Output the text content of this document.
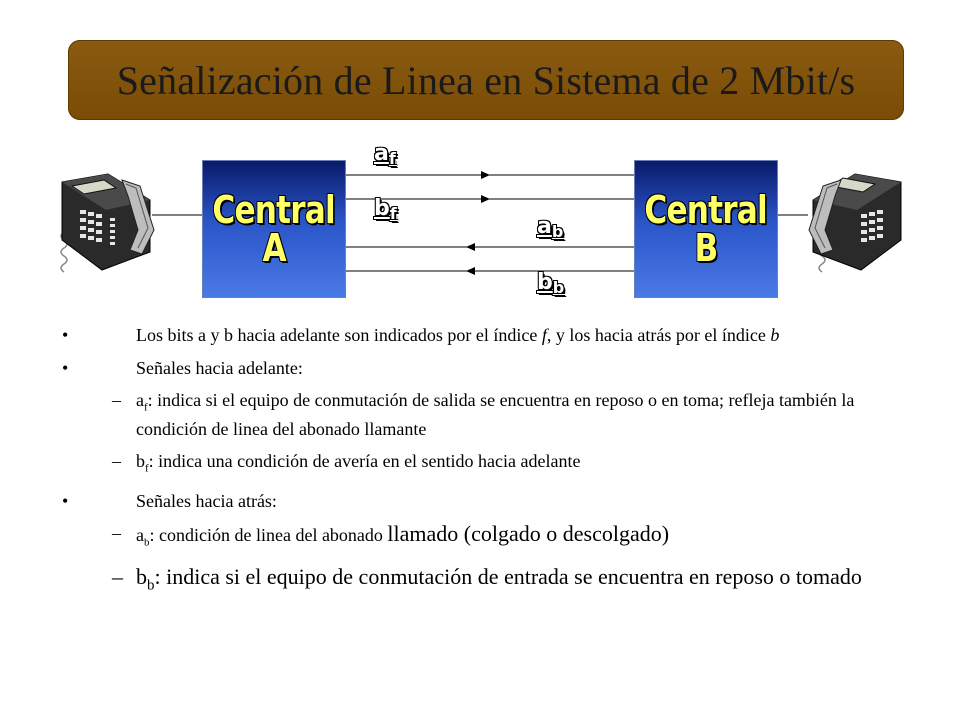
Señalización de Linea en Sistema de 2 Mbit/s
Central
A
Central
B
$a_f$
$b_f$
$a_b$
$b_b$
• Los bits a y b hacia adelante son indicados por el índice f, y los hacia atrás por el índice b
• Señales hacia adelante:
– $a_f$: indica si el equipo de conmutación de salida se encuentra en reposo o en toma; refleja también la condición de linea del abonado llamante
– $b_f$: indica una condición de avería en el sentido hacia adelante
• Señales hacia atrás:
– $a_b$: condición de linea del abonado llamado (colgado o descolgado)
– $b_b$: indica si el equipo de conmutación de entrada se encuentra en reposo o tomado
